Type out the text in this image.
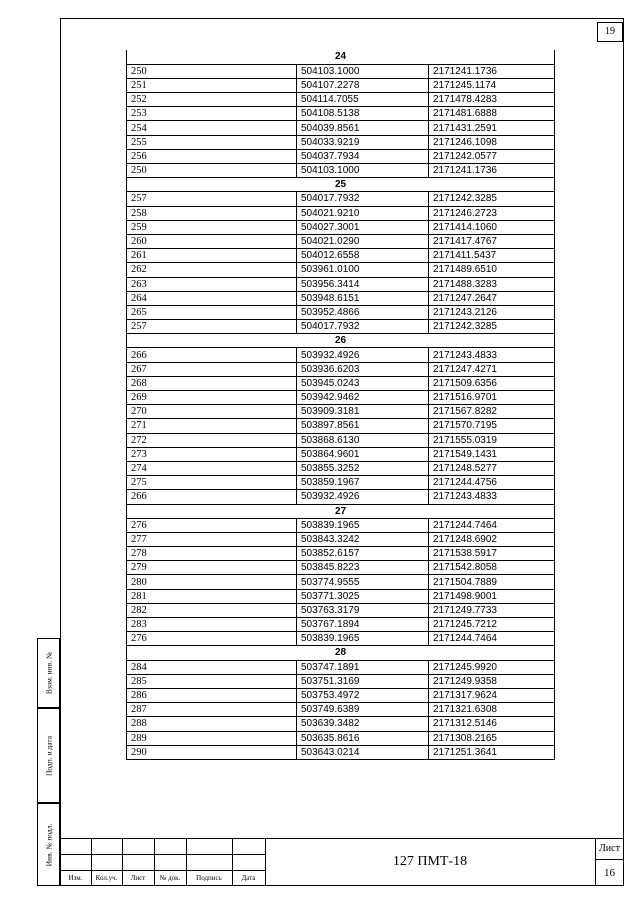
19
Взам. инв. №
Подп. и дата
Инв. № подл.
24		
250	504103.1000	2171241.1736
251	504107.2278	2171245.1174
252	504114.7055	2171478.4283
253	504108.5138	2171481.6888
254	504039.8561	2171431.2591
255	504033.9219	2171246.1098
256	504037.7934	2171242.0577
250	504103.1000	2171241.1736
25		
257	504017.7932	2171242.3285
258	504021.9210	2171246.2723
259	504027.3001	2171414.1060
260	504021.0290	2171417.4767
261	504012.6558	2171411.5437
262	503961.0100	2171489.6510
263	503956.3414	2171488.3283
264	503948.6151	2171247.2647
265	503952.4866	2171243.2126
257	504017.7932	2171242.3285
26		
266	503932.4926	2171243.4833
267	503936.6203	2171247.4271
268	503945.0243	2171509.6356
269	503942.9462	2171516.9701
270	503909.3181	2171567.8282
271	503897.8561	2171570.7195
272	503868.6130	2171555.0319
273	503864.9601	2171549.1431
274	503855.3252	2171248.5277
275	503859.1967	2171244.4756
266	503932.4926	2171243.4833
27		
276	503839.1965	2171244.7464
277	503843.3242	2171248.6902
278	503852.6157	2171538.5917
279	503845.8223	2171542.8058
280	503774.9555	2171504.7889
281	503771.3025	2171498.9001
282	503763.3179	2171249.7733
283	503767.1894	2171245.7212
276	503839.1965	2171244.7464
28		
284	503747.1891	2171245.9920
285	503751.3169	2171249.9358
286	503753.4972	2171317.9624
287	503749.6389	2171321.6308
288	503639.3482	2171312.5146
289	503635.8616	2171308.2165
290	503643.0214	2171251.3641
Изм.	Кол.уч.	Лист	№ док.	Подпись	Дата
127 ПМТ-18
Лист
16
